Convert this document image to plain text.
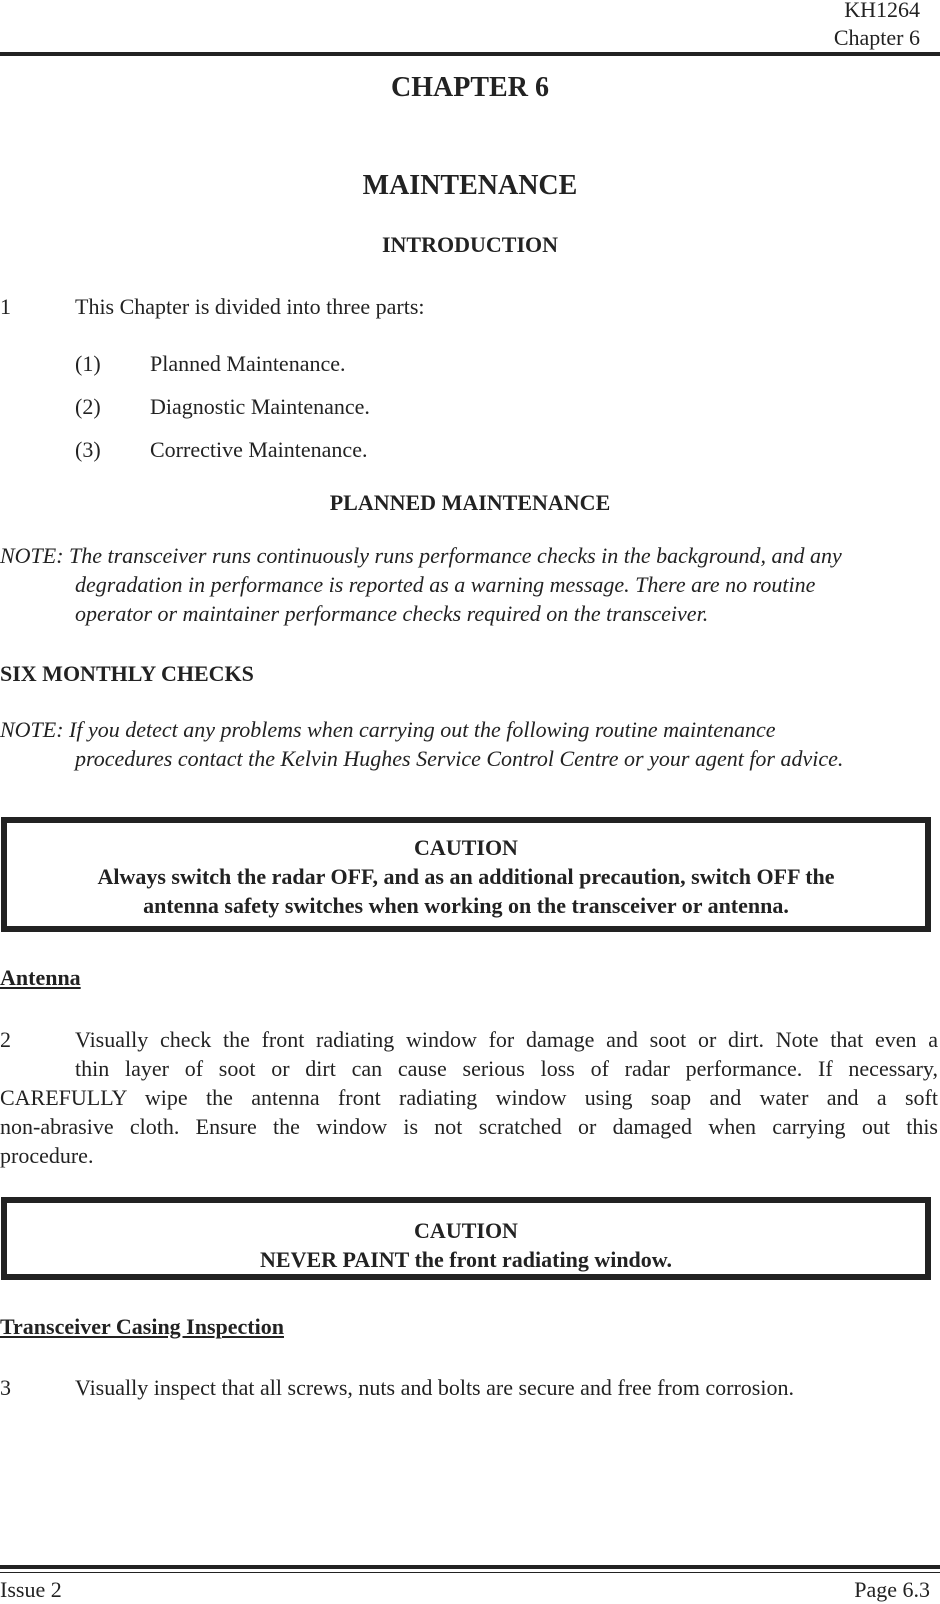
KH1264
Chapter 6
CHAPTER 6
MAINTENANCE
INTRODUCTION
1	This Chapter is divided into three parts:
(1) Planned Maintenance.
(2) Diagnostic Maintenance.
(3) Corrective Maintenance.
PLANNED MAINTENANCE
NOTE: The transceiver runs continuously runs performance checks in the background, and any
degradation in performance is reported as a warning message. There are no routine
operator or maintainer performance checks required on the transceiver.
SIX MONTHLY CHECKS
NOTE: If you detect any problems when carrying out the following routine maintenance
procedures contact the Kelvin Hughes Service Control Centre or your agent for advice.
CAUTION
Always switch the radar OFF, and as an additional precaution, switch OFF the
antenna safety switches when working on the transceiver or antenna.
Antenna
2	Visually check the front radiating window for damage and soot or dirt. Note that even a
thin layer of soot or dirt can cause serious loss of radar performance. If necessary,
CAREFULLY wipe the antenna front radiating window using soap and water and a soft
non-abrasive cloth. Ensure the window is not scratched or damaged when carrying out this
procedure.
CAUTION
NEVER PAINT the front radiating window.
Transceiver Casing Inspection
3	Visually inspect that all screws, nuts and bolts are secure and free from corrosion.
Issue 2	Page 6.3
